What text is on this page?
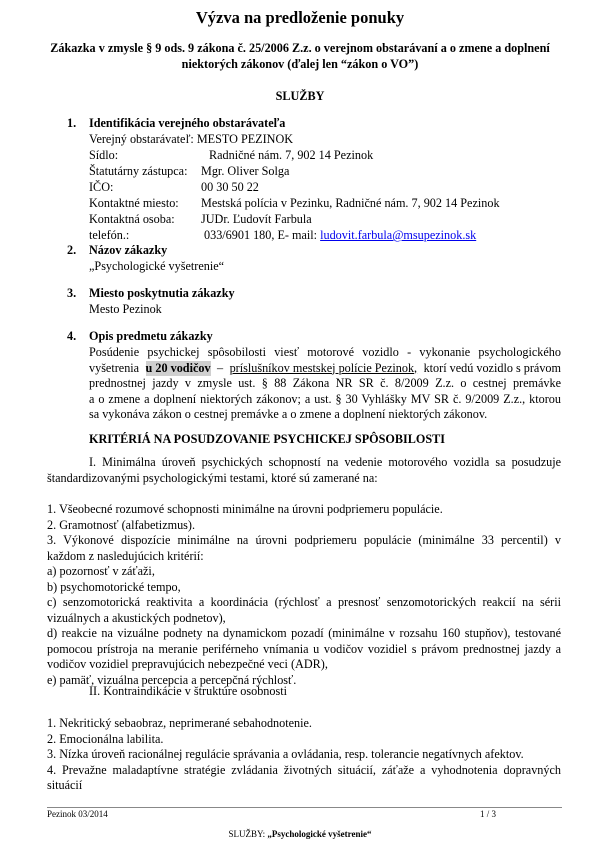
Výzva na predloženie ponuky
Zákazka v zmysle § 9 ods. 9 zákona č. 25/2006 Z.z. o verejnom obstarávaní a o zmene a doplnení
niektorých zákonov (ďalej len “zákon o VO”)
SLUŽBY
1. Identifikácia verejného obstarávateľa
Verejný obstarávateľ: MESTO PEZINOK
Sídlo:	Radničné nám. 7, 902 14 Pezinok
Štatutárny zástupca: Mgr. Oliver Solga
IČO:	00 30 50 22
Kontaktné miesto: Mestská polícia v Pezinku, Radničné nám. 7, 902 14 Pezinok
Kontaktná osoba: JUDr. Ľudovít Farbula
telefón.:	033/6901 180, E- mail: ludovit.farbula@msupezinok.sk
2. Názov zákazky
„Psychologické vyšetrenie“
3. Miesto poskytnutia zákazky
Mesto Pezinok
4. Opis predmetu zákazky
Posúdenie psychickej spôsobilosti viesť motorové vozidlo - vykonanie psychologického
vyšetrenia u 20 vodičov – príslušníkov mestskej polície Pezinok, ktorí vedú vozidlo s právom
prednostnej jazdy v zmysle ust. § 88 Zákona NR SR č. 8/2009 Z.z. o cestnej premávke
a o zmene a doplnení niektorých zákonov; a ust. § 30 Vyhlášky MV SR č. 9/2009 Z.z., ktorou
sa vykonáva zákon o cestnej premávke a o zmene a doplnení niektorých zákonov.
KRITÉRIÁ NA POSUDZOVANIE PSYCHICKEJ SPÔSOBILOSTI
I. Minimálna úroveň psychických schopností na vedenie motorového vozidla sa posudzuje
štandardizovanými psychologickými testami, ktoré sú zamerané na:
1. Všeobecné rozumové schopnosti minimálne na úrovni podpriemeru populácie.
2. Gramotnosť (alfabetizmus).
3. Výkonové dispozície minimálne na úrovni podpriemeru populácie (minimálne 33 percentil) v
každom z nasledujúcich kritérií:
a) pozornosť v záťaži,
b) psychomotorické tempo,
c) senzomotorická reaktivita a koordinácia (rýchlosť a presnosť senzomotorických reakcií na sérii
vizuálnych a akustických podnetov),
d) reakcie na vizuálne podnety na dynamickom pozadí (minimálne v rozsahu 160 stupňov), testované
pomocou prístroja na meranie periférneho vnímania u vodičov vozidiel s právom prednostnej jazdy a
vodičov vozidiel prepravujúcich nebezpečné veci (ADR),
e) pamäť, vizuálna percepcia a percepčná rýchlosť.
II. Kontraindikácie v štruktúre osobnosti
1. Nekritický sebaobraz, neprimerané sebahodnotenie.
2. Emocionálna labilita.
3. Nízka úroveň racionálnej regulácie správania a ovládania, resp. tolerancie negatívnych afektov.
4. Prevažne maladaptívne stratégie zvládania životných situácií, záťaže a vyhodnotenia dopravných
situácií
Pezinok 03/2014	1 / 3
SLUŽBY: „Psychologické vyšetrenie“
